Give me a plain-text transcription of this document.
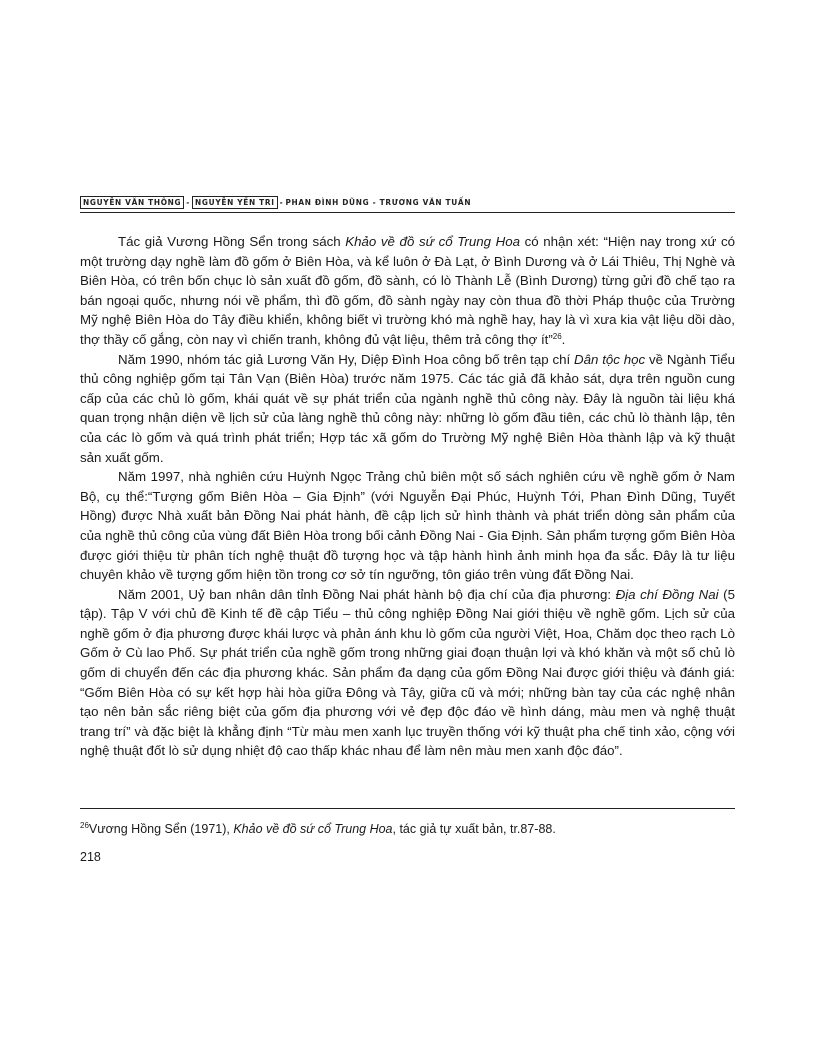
NGUYỄN VĂN THÔNG - NGUYỄN YẾN TRI - PHAN ĐÌNH DŨNG - TRƯƠNG VĂN TUẤN

Tác giả Vương Hồng Sển trong sách Khảo về đồ sứ cổ Trung Hoa có nhận xét: “Hiện nay trong xứ có một trường dạy nghề làm đồ gốm ở Biên Hòa, và kể luôn ở Đà Lạt, ở Bình Dương và ở Lái Thiêu, Thị Nghè và Biên Hòa, có trên bốn chục lò sản xuất đồ gốm, đồ sành, có lò Thành Lễ (Bình Dương) từng gửi đồ chế tạo ra bán ngoại quốc, nhưng nói về phẩm, thì đồ gốm, đồ sành ngày nay còn thua đồ thời Pháp thuộc của Trường Mỹ nghệ Biên Hòa do Tây điều khiển, không biết vì trường khó mà nghề hay, hay là vì xưa kia vật liệu dồi dào, thợ thầy cố gắng, còn nay vì chiến tranh, không đủ vật liệu, thêm trả công thợ ít”$^{26}$.

Năm 1990, nhóm tác giả Lương Văn Hy, Diệp Đình Hoa công bố trên tạp chí Dân tộc học về Ngành Tiểu thủ công nghiệp gốm tại Tân Vạn (Biên Hòa) trước năm 1975. Các tác giả đã khảo sát, dựa trên nguồn cung cấp của các chủ lò gốm, khái quát về sự phát triển của ngành nghề thủ công này. Đây là nguồn tài liệu khá quan trọng nhận diện về lịch sử của làng nghề thủ công này: những lò gốm đầu tiên, các chủ lò thành lập, tên của các lò gốm và quá trình phát triển; Hợp tác xã gốm do Trường Mỹ nghệ Biên Hòa thành lập và kỹ thuật sản xuất gốm.

Năm 1997, nhà nghiên cứu Huỳnh Ngọc Trảng chủ biên một số sách nghiên cứu về nghề gốm ở Nam Bộ, cụ thể:“Tượng gốm Biên Hòa – Gia Định” (với Nguyễn Đại Phúc, Huỳnh Tới, Phan Đình Dũng, Tuyết Hồng) được Nhà xuất bản Đồng Nai phát hành, đề cập lịch sử hình thành và phát triển dòng sản phẩm của của nghề thủ công của vùng đất Biên Hòa trong bối cảnh Đồng Nai - Gia Định. Sản phẩm tượng gốm Biên Hòa được giới thiệu từ phân tích nghệ thuật đồ tượng học và tập hành hình ảnh minh họa đa sắc. Đây là tư liệu chuyên khảo về tượng gốm hiện tồn trong cơ sở tín ngưỡng, tôn giáo trên vùng đất Đồng Nai.

Năm 2001, Uỷ ban nhân dân tỉnh Đồng Nai phát hành bộ địa chí của địa phương: Địa chí Đồng Nai (5 tập). Tập V với chủ đề Kinh tế đề cập Tiểu – thủ công nghiệp Đồng Nai giới thiệu về nghề gốm. Lịch sử của nghề gốm ở địa phương được khái lược và phản ánh khu lò gốm của người Việt, Hoa, Chăm dọc theo rạch Lò Gốm ở Cù lao Phố. Sự phát triển của nghề gốm trong những giai đoạn thuận lợi và khó khăn và một số chủ lò gốm di chuyển đến các địa phương khác. Sản phẩm đa dạng của gốm Đồng Nai được giới thiệu và đánh giá: “Gốm Biên Hòa có sự kết hợp hài hòa giữa Đông và Tây, giữa cũ và mới; những bàn tay của các nghệ nhân tạo nên bản sắc riêng biệt của gốm địa phương với vẻ đẹp độc đáo về hình dáng, màu men và nghệ thuật trang trí” và đặc biệt là khẳng định “Từ màu men xanh lục truyền thống với kỹ thuật pha chế tinh xảo, cộng với nghệ thuật đốt lò sử dụng nhiệt độ cao thấp khác nhau để làm nên màu men xanh độc đáo”.

$^{26}$Vương Hồng Sển (1971), Khảo về đồ sứ cổ Trung Hoa, tác giả tự xuất bản, tr.87-88.
218
